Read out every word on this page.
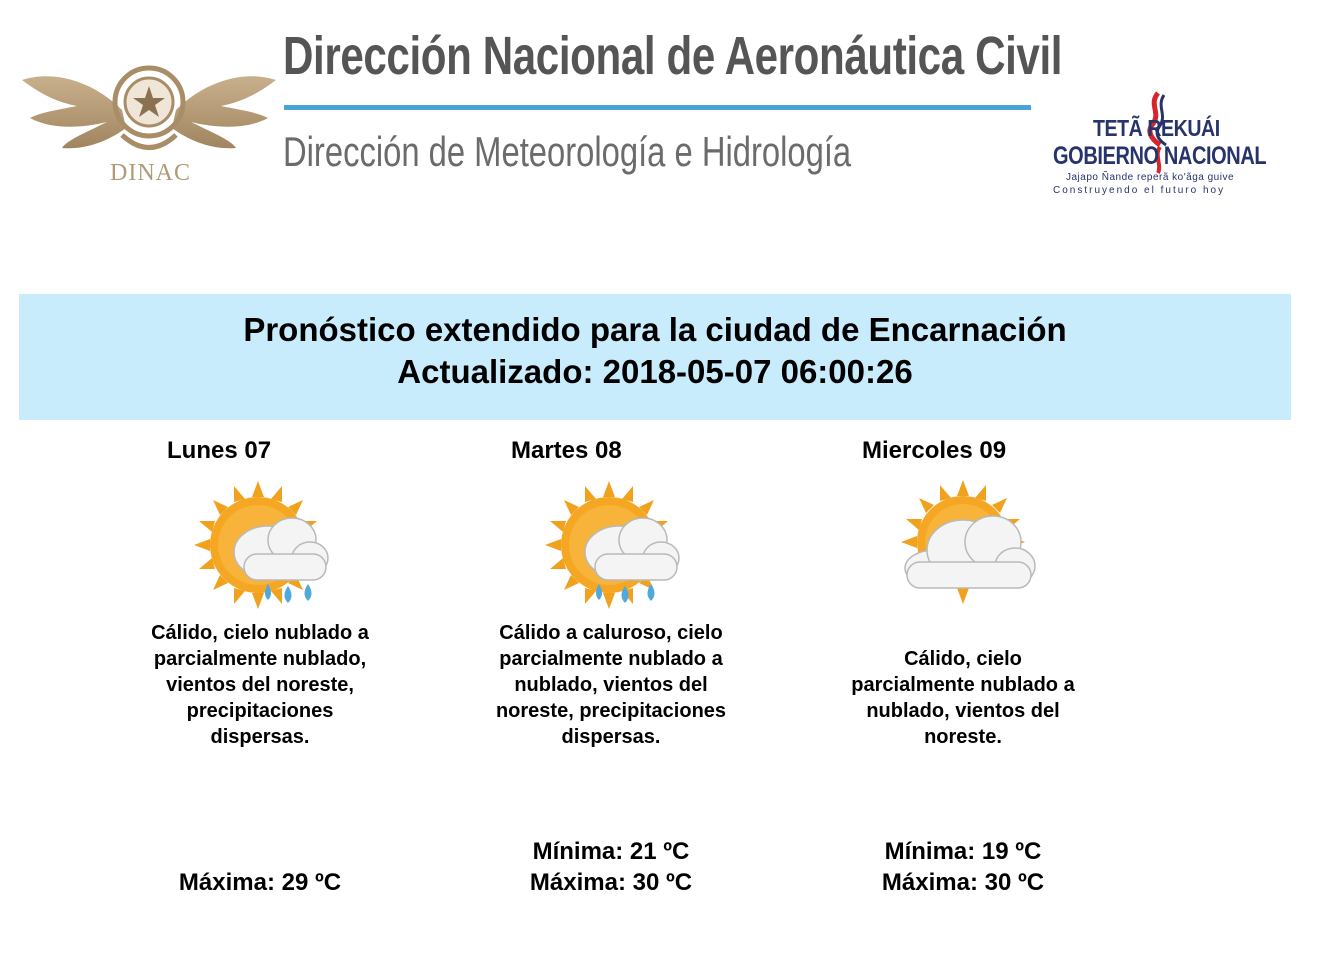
DINAC
Dirección Nacional de Aeronáutica Civil
Dirección de Meteorología e Hidrología	TETÃ REKUÁI
GOBIERNO NACIONAL
Jajapo Ñande reperã ko'ãga guive
Construyendo el futuro hoy
Pronóstico extendido para la ciudad de Encarnación
Actualizado: 2018-05-07 06:00:26
Lunes 07
Cálido, cielo nublado a parcialmente nublado, vientos del noreste, precipitaciones dispersas.
Máxima: 29 ºC
Martes 08
Cálido a caluroso, cielo parcialmente nublado a nublado, vientos del noreste, precipitaciones dispersas.
Mínima: 21 ºC
Máxima: 30 ºC
Miercoles 09
Cálido, cielo parcialmente nublado a nublado, vientos del noreste.
Mínima: 19 ºC
Máxima: 30 ºC
